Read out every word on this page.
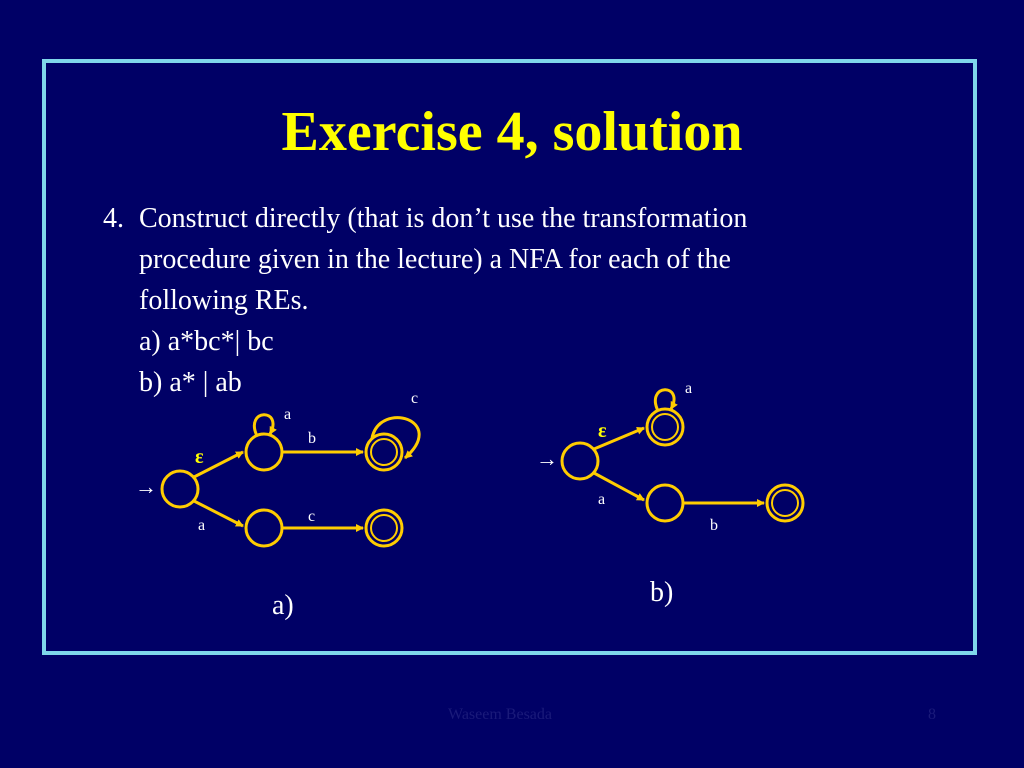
Exercise 4, solution
4. Construct directly (that is don’t use the transformation
procedure given in the lecture) a NFA for each of the
following REs.
a) a*bc*| bc
b) a* | ab
→
ε
a
b
c
a
c
→
ε
a
a
b
a)	b)
Waseem Besada	8
